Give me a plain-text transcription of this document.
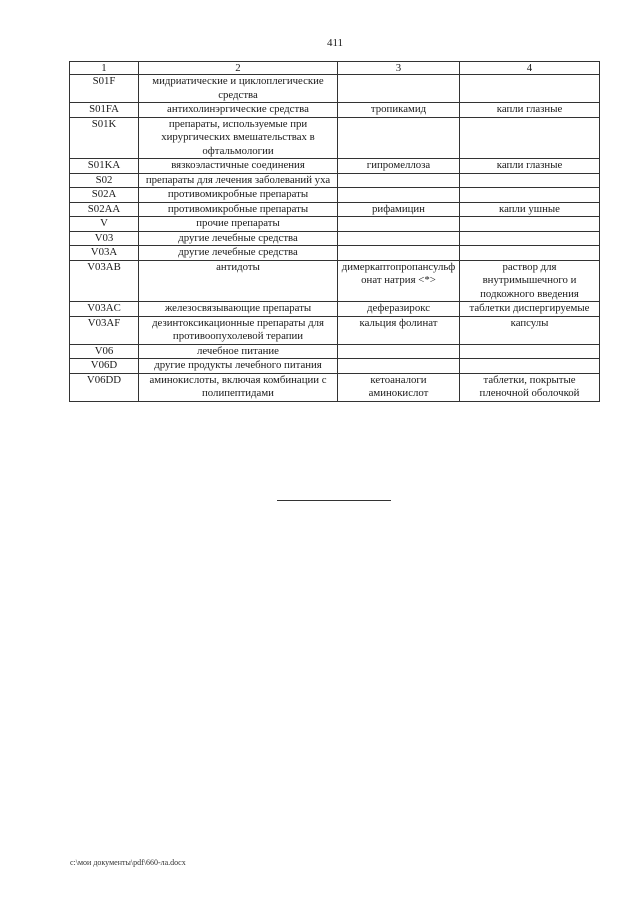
411
1	2	3	4
S01F	мидриатические и циклоплегические средства		
S01FA	антихолинэргические средства	тропикамид	капли глазные
S01K	препараты, используемые при хирургических вмешательствах в офтальмологии		
S01KA	вязкоэластичные соединения	гипромеллоза	капли глазные
S02	препараты для лечения заболеваний уха		
S02A	противомикробные препараты		
S02AA	противомикробные препараты	рифамицин	капли ушные
V	прочие препараты		
V03	другие лечебные средства		
V03A	другие лечебные средства		
V03AB	антидоты	димеркаптопропансульфонат натрия <*>	раствор для внутримышечного и подкожного введения
V03AC	железосвязывающие препараты	деферазирокс	таблетки диспергируемые
V03AF	дезинтоксикационные препараты для противоопухолевой терапии	кальция фолинат	капсулы
V06	лечебное питание		
V06D	другие продукты лечебного питания		
V06DD	аминокислоты, включая комбинации с полипептидами	кетоаналоги аминокислот	таблетки, покрытые пленочной оболочкой
c:\мои документы\pdf\660-ла.docx
